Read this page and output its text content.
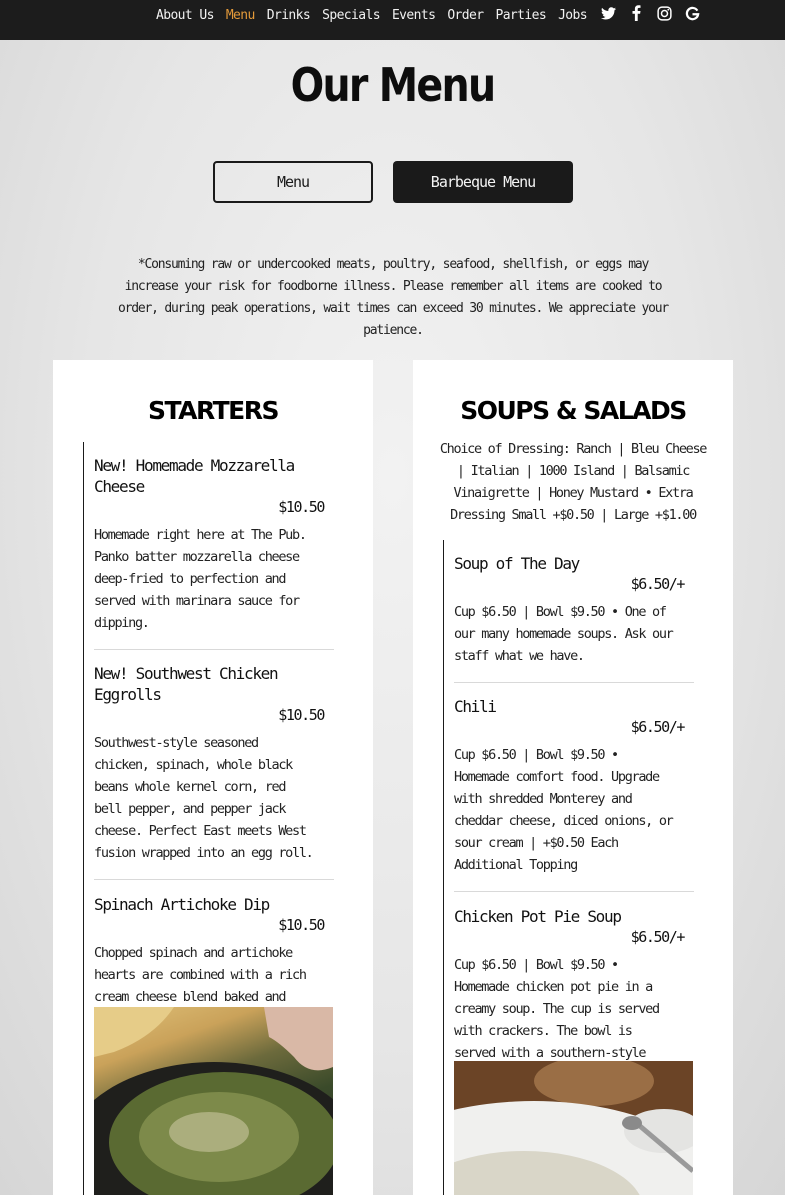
About Us Menu Drinks Specials Events Order Parties Jobs
Our Menu
Menu	Barbeque Menu
*Consuming raw or undercooked meats, poultry, seafood, shellfish, or eggs may increase your risk for foodborne illness. Please remember all items are cooked to order, during peak operations, wait times can exceed 30 minutes. We appreciate your patience.
STARTERS
New! Homemade Mozzarella Cheese
$10.50
Homemade right here at The Pub. Panko batter mozzarella cheese deep-fried to perfection and served with marinara sauce for dipping.
New! Southwest Chicken Eggrolls
$10.50
Southwest-style seasoned chicken, spinach, whole black beans whole kernel corn, red bell pepper, and pepper jack cheese. Perfect East meets West fusion wrapped into an egg roll.
Spinach Artichoke Dip
$10.50
Chopped spinach and artichoke hearts are combined with a rich cream cheese blend baked and
SOUPS & SALADS
Choice of Dressing: Ranch | Bleu Cheese | Italian | 1000 Island | Balsamic Vinaigrette | Honey Mustard • Extra Dressing Small +$0.50 | Large +$1.00
Soup of The Day
$6.50/+
Cup $6.50 | Bowl $9.50 • One of our many homemade soups. Ask our staff what we have.
Chili
$6.50/+
Cup $6.50 | Bowl $9.50 • Homemade comfort food. Upgrade with shredded Monterey and cheddar cheese, diced onions, or sour cream | +$0.50 Each Additional Topping
Chicken Pot Pie Soup
$6.50/+
Cup $6.50 | Bowl $9.50 • Homemade chicken pot pie in a creamy soup. The cup is served with crackers. The bowl is served with a southern-style
